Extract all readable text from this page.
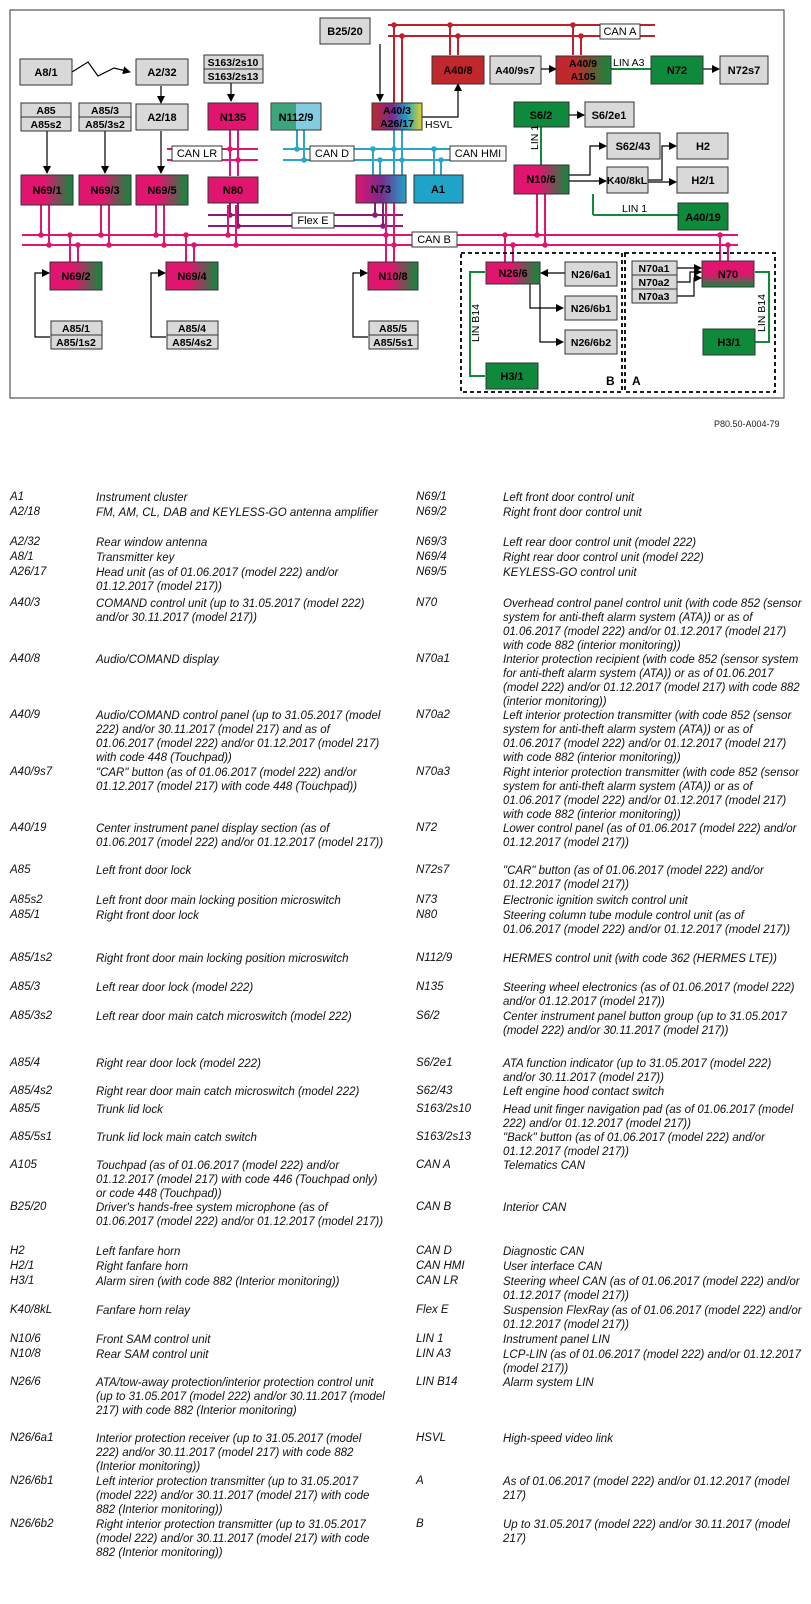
B25/20
A8/1	A2/32
A2/18
S163/2s10
S163/2s13
N135	N112/9
A40/3
A26/17
A40/8 A40/9s7
A40/9
A105	N72	N72s7
S6/2	S6/2e1
A85
A85s2
A85/3
A85/3s2
N69/1	N69/3	N69/5	N80	N73	A1
N10/6
S62/43	H2
K40/8kL	H2/1
A40/19
N69/2	N69/4	N10/8
A85/1
A85/1s2
A85/4
A85/4s2
A85/5
A85/5s1
N26/6	N26/6a1
N26/6b1
N26/6b2
H3/1
N70a1
N70a2
N70a3
N70
H3/1
CAN A
LIN A3
HSVL
CAN LR	CAN D	CAN HMI
LIN 1
LIN 1
Flex E
CAN B
LIN B14	LIN B14
B A
P80.50-A004-79
A1	Instrument cluster
A2/18	FM, AM, CL, DAB and KEYLESS-GO antenna amplifier
A2/32	Rear window antenna
A8/1	Transmitter key
A26/17	Head unit (as of 01.06.2017 (model 222) and/or 01.12.2017 (model 217))
A40/3	COMAND control unit (up to 31.05.2017 (model 222) and/or 30.11.2017 (model 217))
A40/8	Audio/COMAND display
A40/9	Audio/COMAND control panel (up to 31.05.2017 (model 222) and/or 30.11.2017 (model 217) and as of 01.06.2017 (model 222) and/or 01.12.2017 (model 217) with code 448 (Touchpad))
A40/9s7	"CAR" button (as of 01.06.2017 (model 222) and/or 01.12.2017 (model 217) with code 448 (Touchpad))
A40/19	Center instrument panel display section (as of 01.06.2017 (model 222) and/or 01.12.2017 (model 217))
A85	Left front door lock
A85s2	Left front door main locking position microswitch
A85/1	Right front door lock
A85/1s2	Right front door main locking position microswitch
A85/3	Left rear door lock (model 222)
A85/3s2	Left rear door main catch microswitch (model 222)
A85/4	Right rear door lock (model 222)
A85/4s2	Right rear door main catch microswitch (model 222)
A85/5	Trunk lid lock
A85/5s1	Trunk lid lock main catch switch
A105	Touchpad (as of 01.06.2017 (model 222) and/or 01.12.2017 (model 217) with code 446 (Touchpad only) or code 448 (Touchpad))
B25/20	Driver's hands-free system microphone (as of 01.06.2017 (model 222) and/or 01.12.2017 (model 217))
H2	Left fanfare horn
H2/1	Right fanfare horn
H3/1	Alarm siren (with code 882 (Interior monitoring))
K40/8kL	Fanfare horn relay
N10/6	Front SAM control unit
N10/8	Rear SAM control unit
N26/6	ATA/tow-away protection/interior protection control unit (up to 31.05.2017 (model 222) and/or 30.11.2017 (model 217) with code 882 (Interior monitoring)
N26/6a1	Interior protection receiver (up to 31.05.2017 (model 222) and/or 30.11.2017 (model 217) with code 882 (Interior monitoring))
N26/6b1	Left interior protection transmitter (up to 31.05.2017 (model 222) and/or 30.11.2017 (model 217) with code 882 (Interior monitoring))
N26/6b2	Right interior protection transmitter (up to 31.05.2017 (model 222) and/or 30.11.2017 (model 217) with code 882 (Interior monitoring))
N69/1	Left front door control unit
N69/2	Right front door control unit
N69/3	Left rear door control unit (model 222)
N69/4	Right rear door control unit (model 222)
N69/5	KEYLESS-GO control unit
N70	Overhead control panel control unit (with code 852 (sensor system for anti-theft alarm system (ATA)) or as of 01.06.2017 (model 222) and/or 01.12.2017 (model 217) with code 882 (interior monitoring))
N70a1	Interior protection recipient (with code 852 (sensor system for anti-theft alarm system (ATA)) or as of 01.06.2017 (model 222) and/or 01.12.2017 (model 217) with code 882 (interior monitoring))
N70a2	Left interior protection transmitter (with code 852 (sensor system for anti-theft alarm system (ATA)) or as of 01.06.2017 (model 222) and/or 01.12.2017 (model 217) with code 882 (interior monitoring))
N70a3	Right interior protection transmitter (with code 852 (sensor system for anti-theft alarm system (ATA)) or as of 01.06.2017 (model 222) and/or 01.12.2017 (model 217) with code 882 (interior monitoring))
N72	Lower control panel (as of 01.06.2017 (model 222) and/or 01.12.2017 (model 217))
N72s7	"CAR" button (as of 01.06.2017 (model 222) and/or 01.12.2017 (model 217))
N73	Electronic ignition switch control unit
N80	Steering column tube module control unit (as of 01.06.2017 (model 222) and/or 01.12.2017 (model 217))
N112/9	HERMES control unit (with code 362 (HERMES LTE))
N135	Steering wheel electronics (as of 01.06.2017 (model 222) and/or 01.12.2017 (model 217))
S6/2	Center instrument panel button group (up to 31.05.2017 (model 222) and/or 30.11.2017 (model 217))
S6/2e1	ATA function indicator (up to 31.05.2017 (model 222) and/or 30.11.2017 (model 217))
S62/43	Left engine hood contact switch
S163/2s10	Head unit finger navigation pad (as of 01.06.2017 (model 222) and/or 01.12.2017 (model 217))
S163/2s13	"Back" button (as of 01.06.2017 (model 222) and/or 01.12.2017 (model 217))
CAN A	Telematics CAN
CAN B	Interior CAN
CAN D	Diagnostic CAN
CAN HMI	User interface CAN
CAN LR	Steering wheel CAN (as of 01.06.2017 (model 222) and/or 01.12.2017 (model 217))
Flex E	Suspension FlexRay (as of 01.06.2017 (model 222) and/or 01.12.2017 (model 217))
LIN 1	Instrument panel LIN
LIN A3	LCP-LIN (as of 01.06.2017 (model 222) and/or 01.12.2017 (model 217))
LIN B14	Alarm system LIN
HSVL	High-speed video link
A	As of 01.06.2017 (model 222) and/or 01.12.2017 (model 217)
B	Up to 31.05.2017 (model 222) and/or 30.11.2017 (model 217)
